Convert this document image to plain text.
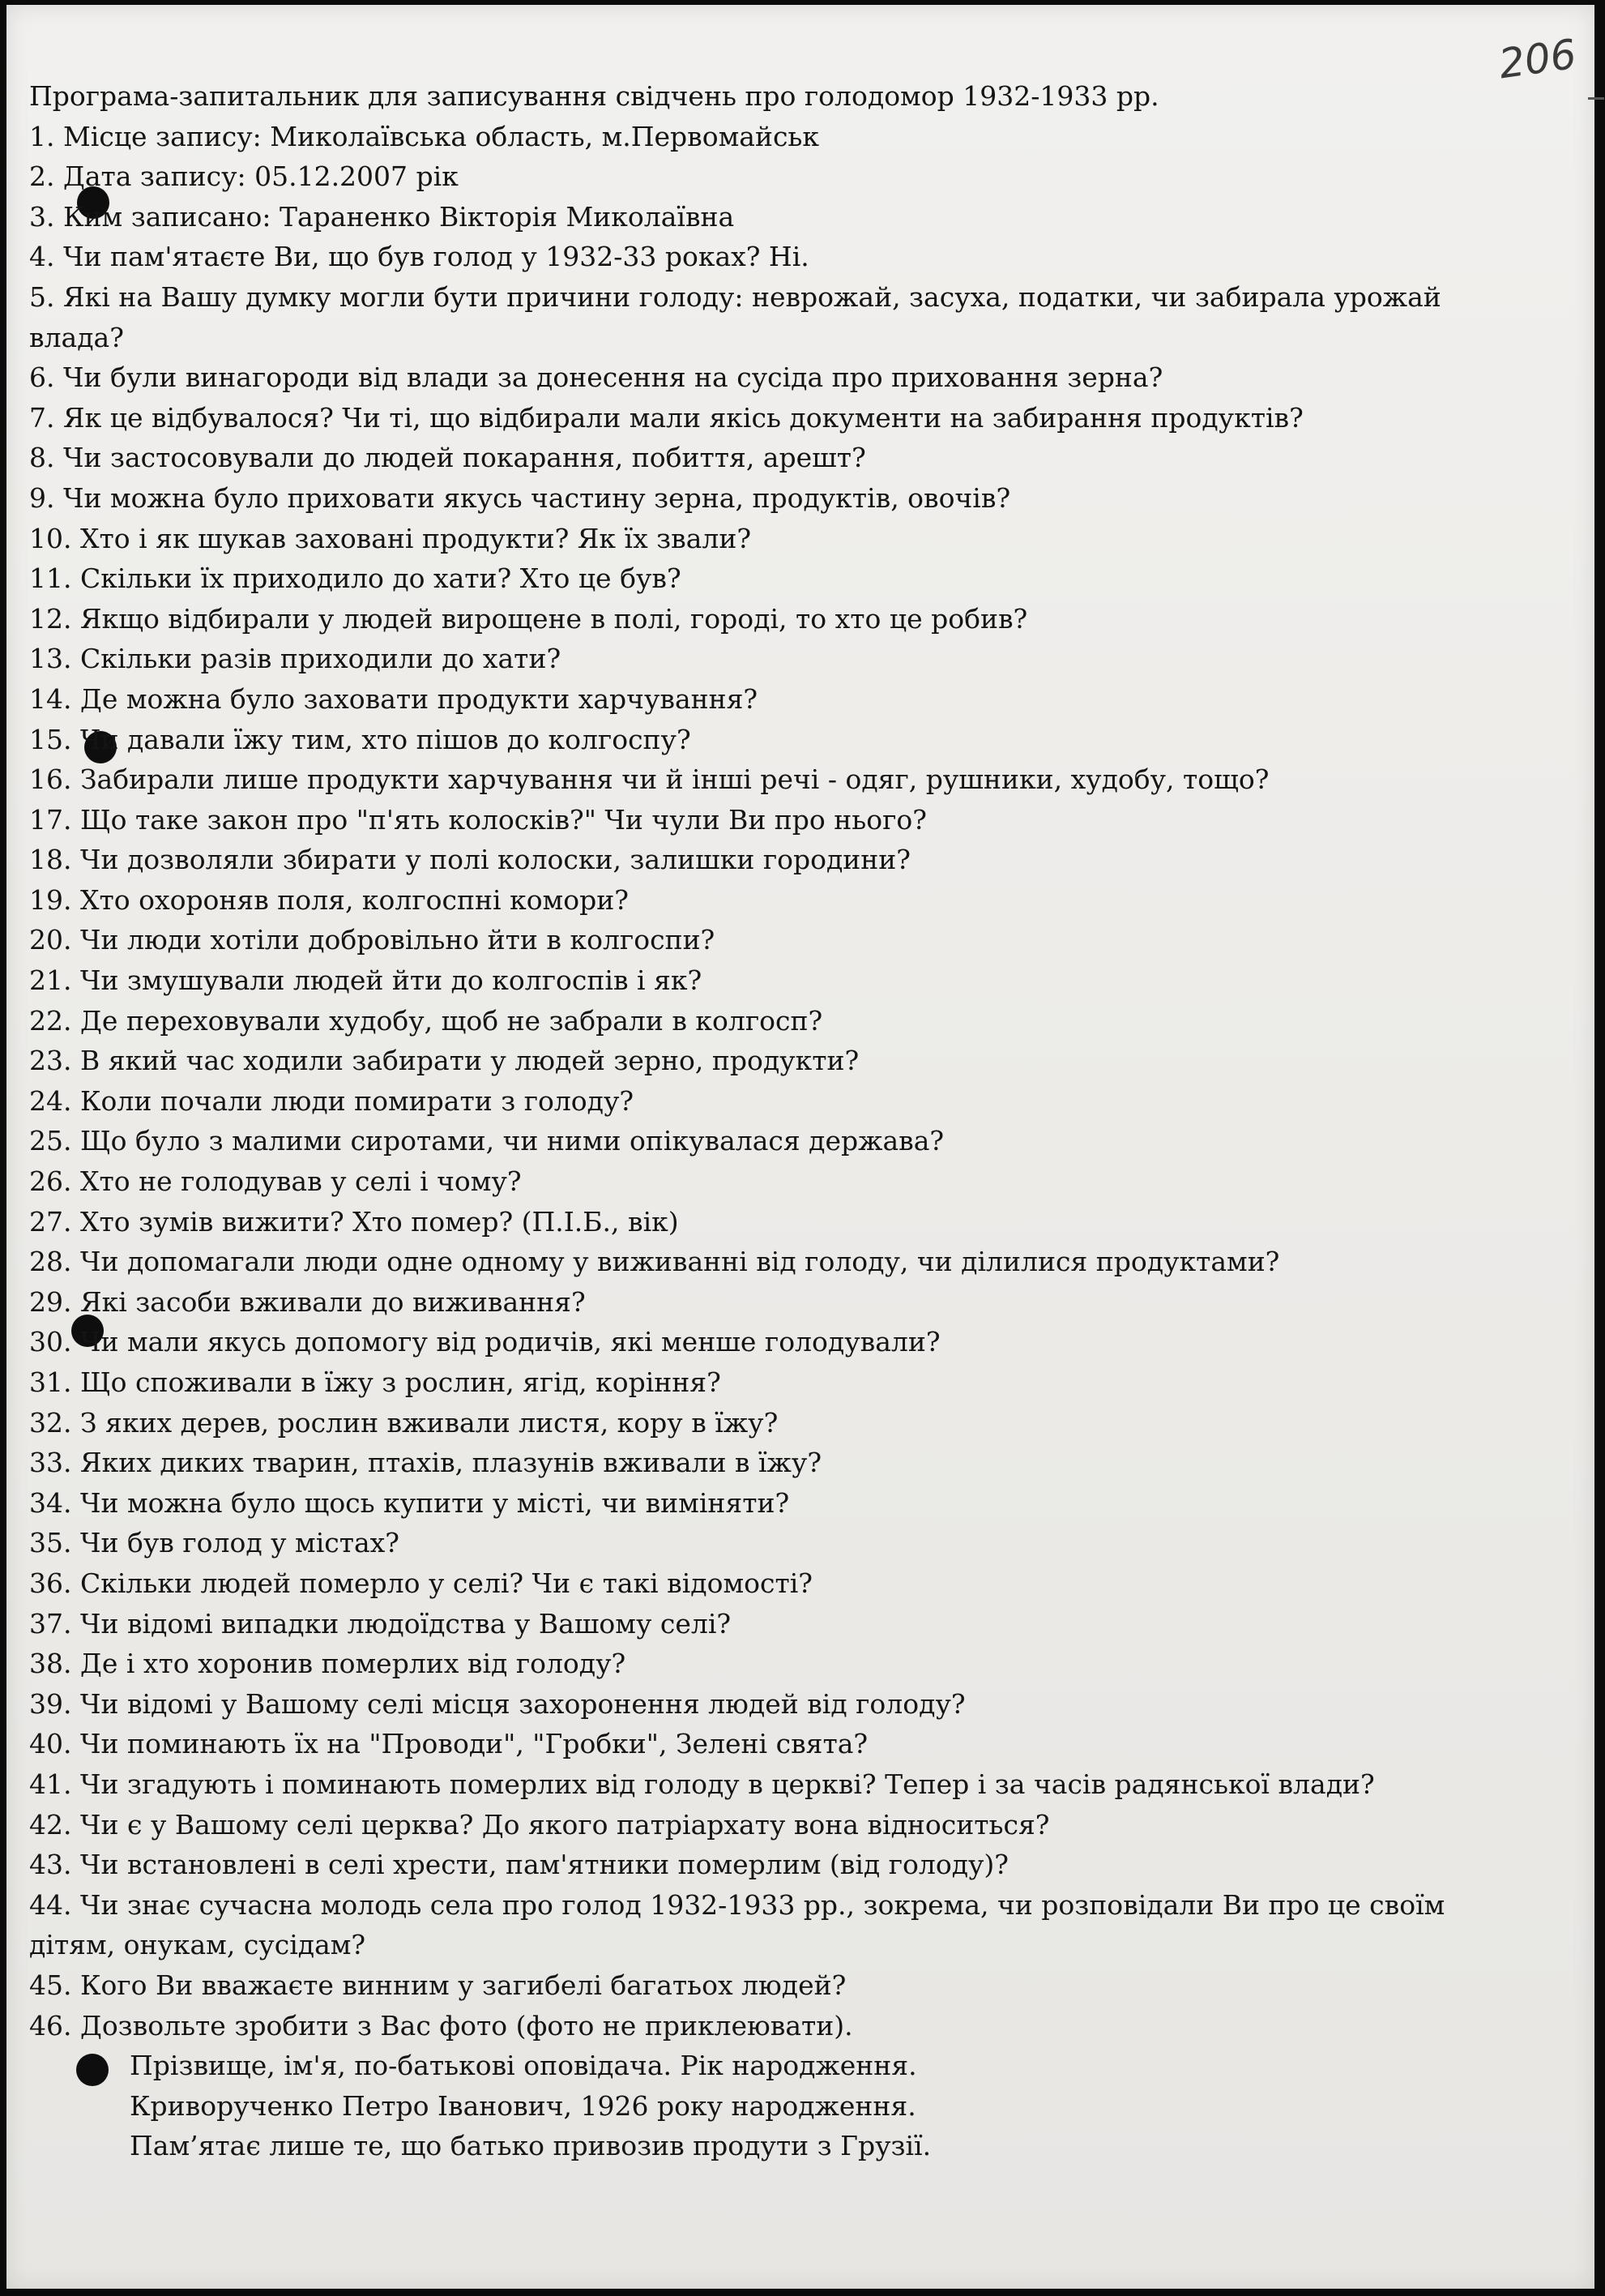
206
Програма-запитальник для записування свідчень про голодомор 1932-1933 рр.
1. Місце запису: Миколаївська область, м.Первомайськ
2. Дата запису: 05.12.2007 рік
3. Ким записано: Тараненко Вікторія Миколаївна
4. Чи пам'ятаєте Ви, що був голод у 1932-33 роках? Ні.
5. Які на Вашу думку могли бути причини голоду: неврожай, засуха, податки, чи забирала урожай
влада?
6. Чи були винагороди від влади за донесення на сусіда про приховання зерна?
7. Як це відбувалося? Чи ті, що відбирали мали якісь документи на забирання продуктів?
8. Чи застосовували до людей покарання, побиття, арешт?
9. Чи можна було приховати якусь частину зерна, продуктів, овочів?
10. Хто і як шукав заховані продукти? Як їх звали?
11. Скільки їх приходило до хати? Хто це був?
12. Якщо відбирали у людей вирощене в полі, городі, то хто це робив?
13. Скільки разів приходили до хати?
14. Де можна було заховати продукти харчування?
15. Чи давали їжу тим, хто пішов до колгоспу?
16. Забирали лише продукти харчування чи й інші речі - одяг, рушники, худобу, тощо?
17. Що таке закон про "п'ять колосків?" Чи чули Ви про нього?
18. Чи дозволяли збирати у полі колоски, залишки городини?
19. Хто охороняв поля, колгоспні комори?
20. Чи люди хотіли добровільно йти в колгоспи?
21. Чи змушували людей йти до колгоспів і як?
22. Де переховували худобу, щоб не забрали в колгосп?
23. В який час ходили забирати у людей зерно, продукти?
24. Коли почали люди помирати з голоду?
25. Що було з малими сиротами, чи ними опікувалася держава?
26. Хто не голодував у селі і чому?
27. Хто зумів вижити? Хто помер? (П.І.Б., вік)
28. Чи допомагали люди одне одному у виживанні від голоду, чи ділилися продуктами?
29. Які засоби вживали до виживання?
30. Чи мали якусь допомогу від родичів, які менше голодували?
31. Що споживали в їжу з рослин, ягід, коріння?
32. З яких дерев, рослин вживали листя, кору в їжу?
33. Яких диких тварин, птахів, плазунів вживали в їжу?
34. Чи можна було щось купити у місті, чи виміняти?
35. Чи був голод у містах?
36. Скільки людей померло у селі? Чи є такі відомості?
37. Чи відомі випадки людоїдства у Вашому селі?
38. Де і хто хоронив померлих від голоду?
39. Чи відомі у Вашому селі місця захоронення людей від голоду?
40. Чи поминають їх на "Проводи", "Гробки", Зелені свята?
41. Чи згадують і поминають померлих від голоду в церкві? Тепер і за часів радянської влади?
42. Чи є у Вашому селі церква? До якого патріархату вона відноситься?
43. Чи встановлені в селі хрести, пам'ятники померлим (від голоду)?
44. Чи знає сучасна молодь села про голод 1932-1933 рр., зокрема, чи розповідали Ви про це своїм
дітям, онукам, сусідам?
45. Кого Ви вважаєте винним у загибелі багатьох людей?
46. Дозвольте зробити з Вас фото (фото не приклеювати).
Прізвище, ім'я, по-батькові оповідача. Рік народження.
Криворученко Петро Іванович, 1926 року народження.
Пам’ятає лише те, що батько привозив продути з Грузії.
